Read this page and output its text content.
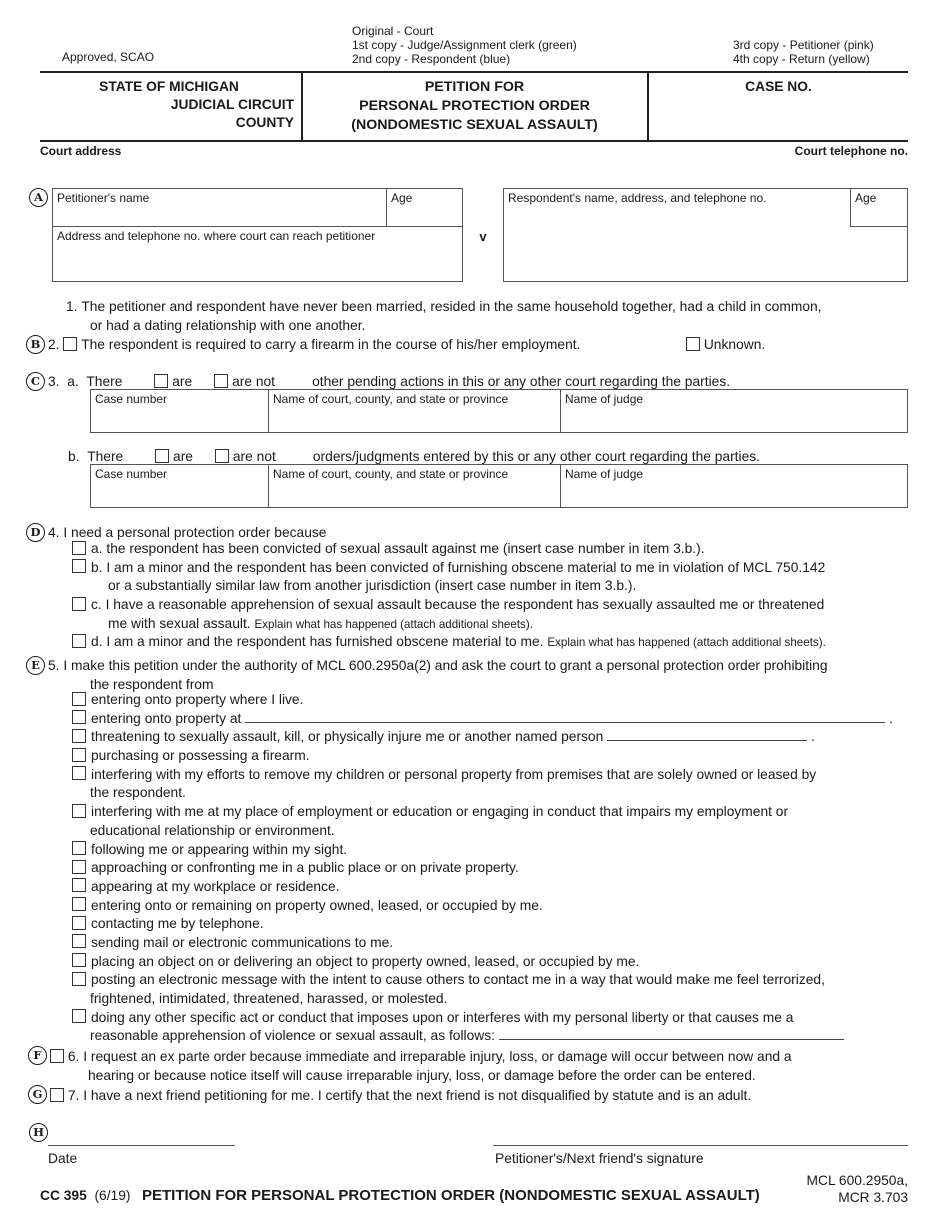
Approved, SCAO
Original - Court
1st copy - Judge/Assignment clerk (green)
2nd copy - Respondent (blue)
3rd copy - Petitioner (pink)
4th copy - Return (yellow)
STATE OF MICHIGAN
JUDICIAL CIRCUIT
COUNTY
PETITION FOR
PERSONAL PROTECTION ORDER
(NONDOMESTIC SEXUAL ASSAULT)
CASE NO.
Court address	Court telephone no.
A	Petitioner's name	Age
Address and telephone no. where court can reach petitioner	v
Respondent's name, address, and telephone no.	Age
1. The petitioner and respondent have never been married, resided in the same household together, had a child in common,
or had a dating relationship with one another.
B 2. The respondent is required to carry a firearm in the course of his/her employment.	Unknown.
C 3. a. There	are	are not	other pending actions in this or any other court regarding the parties.
Case number	Name of court, county, and state or province	Name of judge
b. There	are	are not	orders/judgments entered by this or any other court regarding the parties.
Case number	Name of court, county, and state or province	Name of judge
D 4. I need a personal protection order because
a. the respondent has been convicted of sexual assault against me (insert case number in item 3.b.).
b. I am a minor and the respondent has been convicted of furnishing obscene material to me in violation of MCL 750.142
or a substantially similar law from another jurisdiction (insert case number in item 3.b.).
c. I have a reasonable apprehension of sexual assault because the respondent has sexually assaulted me or threatened
me with sexual assault. Explain what has happened (attach additional sheets).
d. I am a minor and the respondent has furnished obscene material to me. Explain what has happened (attach additional sheets).
E 5. I make this petition under the authority of MCL 600.2950a(2) and ask the court to grant a personal protection order prohibiting
the respondent from
entering onto property where I live.
entering onto property at	.
threatening to sexually assault, kill, or physically injure me or another named person	.
purchasing or possessing a firearm.
interfering with my efforts to remove my children or personal property from premises that are solely owned or leased by
the respondent.
interfering with me at my place of employment or education or engaging in conduct that impairs my employment or
educational relationship or environment.
following me or appearing within my sight.
approaching or confronting me in a public place or on private property.
appearing at my workplace or residence.
entering onto or remaining on property owned, leased, or occupied by me.
contacting me by telephone.
sending mail or electronic communications to me.
placing an object on or delivering an object to property owned, leased, or occupied by me.
posting an electronic message with the intent to cause others to contact me in a way that would make me feel terrorized,
frightened, intimidated, threatened, harassed, or molested.
doing any other specific act or conduct that imposes upon or interferes with my personal liberty or that causes me a
reasonable apprehension of violence or sexual assault, as follows:
F	6. I request an ex parte order because immediate and irreparable injury, loss, or damage will occur between now and a
hearing or because notice itself will cause irreparable injury, loss, or damage before the order can be entered.
G	7. I have a next friend petitioning for me. I certify that the next friend is not disqualified by statute and is an adult.
H
Date	Petitioner's/Next friend's signature
MCL 600.2950a,
MCR 3.703
CC 395 (6/19) PETITION FOR PERSONAL PROTECTION ORDER (NONDOMESTIC SEXUAL ASSAULT)
